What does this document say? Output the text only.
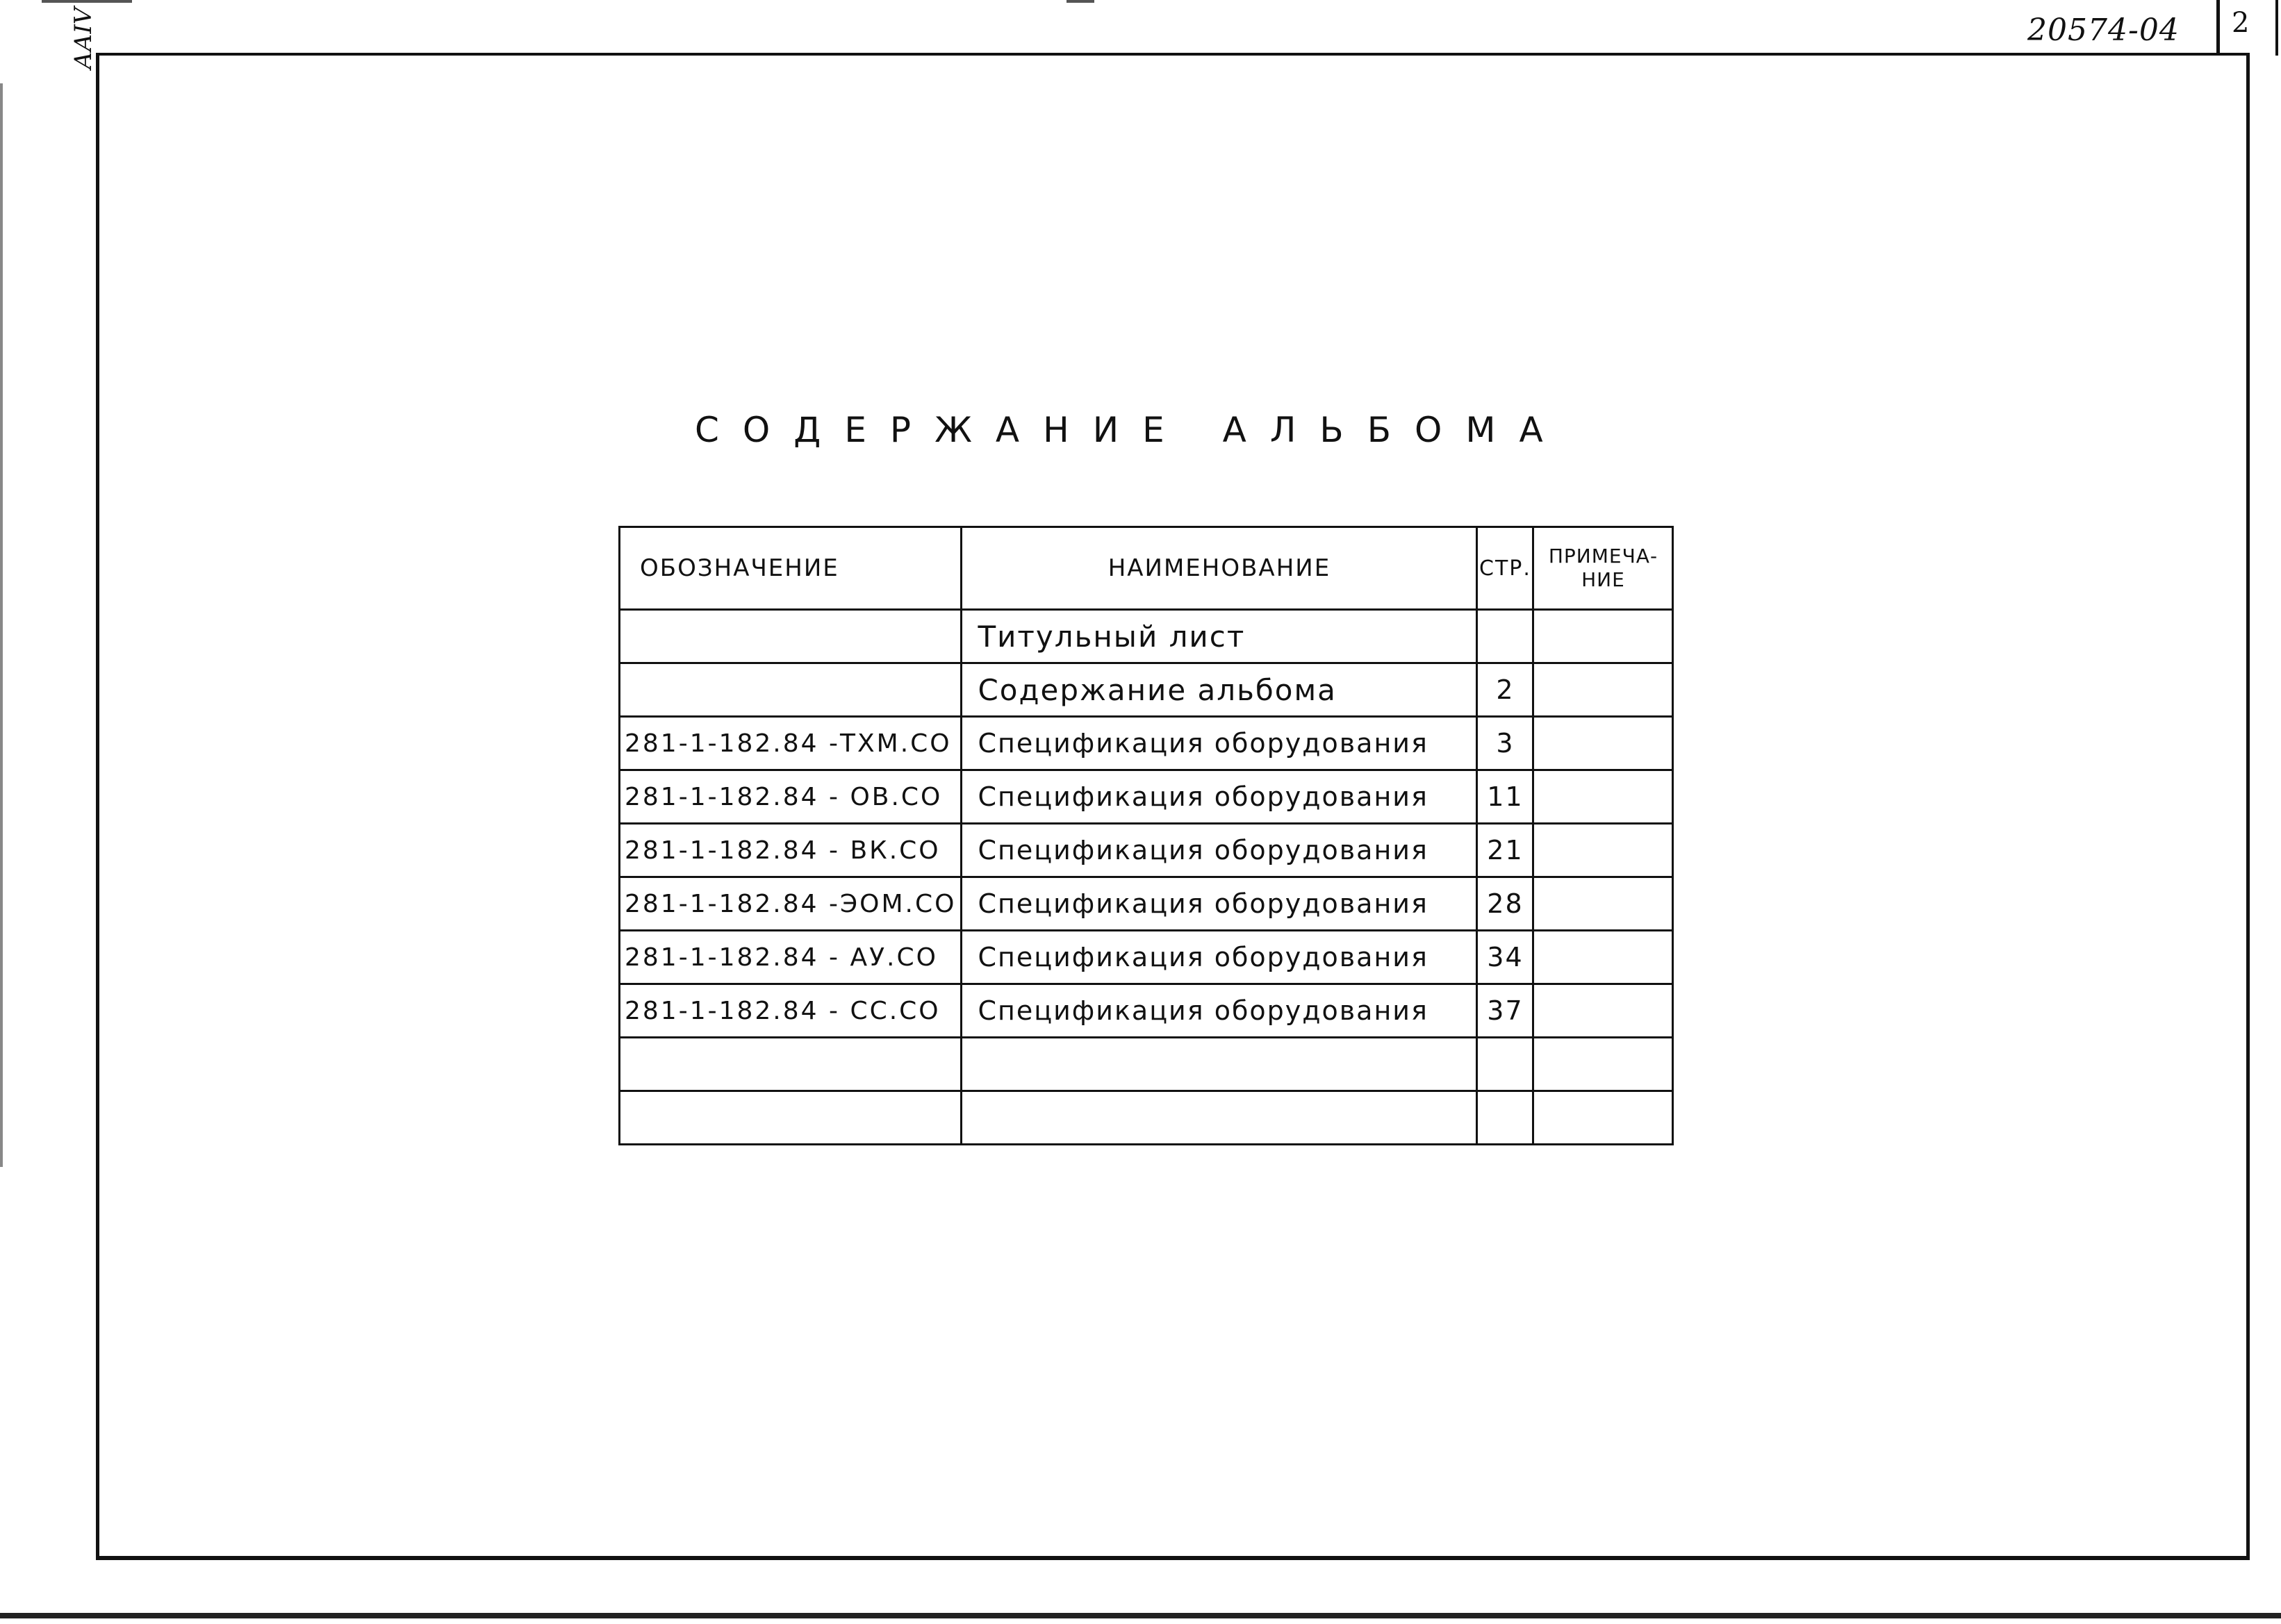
2
20574-04
ААIV
СОДЕРЖАНИЕ АЛЬБОМА
ОБОЗНАЧЕНИЕ	НАИМЕНОВАНИЕ	СТР.	ПРИМЕЧА-НИЕ
	Титульный лист		
	Содержание альбома	2	
281-1-182.84 -ТХМ.СО	Спецификация оборудования	3	
281-1-182.84 - ОВ.СО	Спецификация оборудования	11	
281-1-182.84 - ВК.СО	Спецификация оборудования	21	
281-1-182.84 -ЭОМ.СО	Спецификация оборудования	28	
281-1-182.84 - АУ.СО	Спецификация оборудования	34	
281-1-182.84 - СС.СО	Спецификация оборудования	37	
